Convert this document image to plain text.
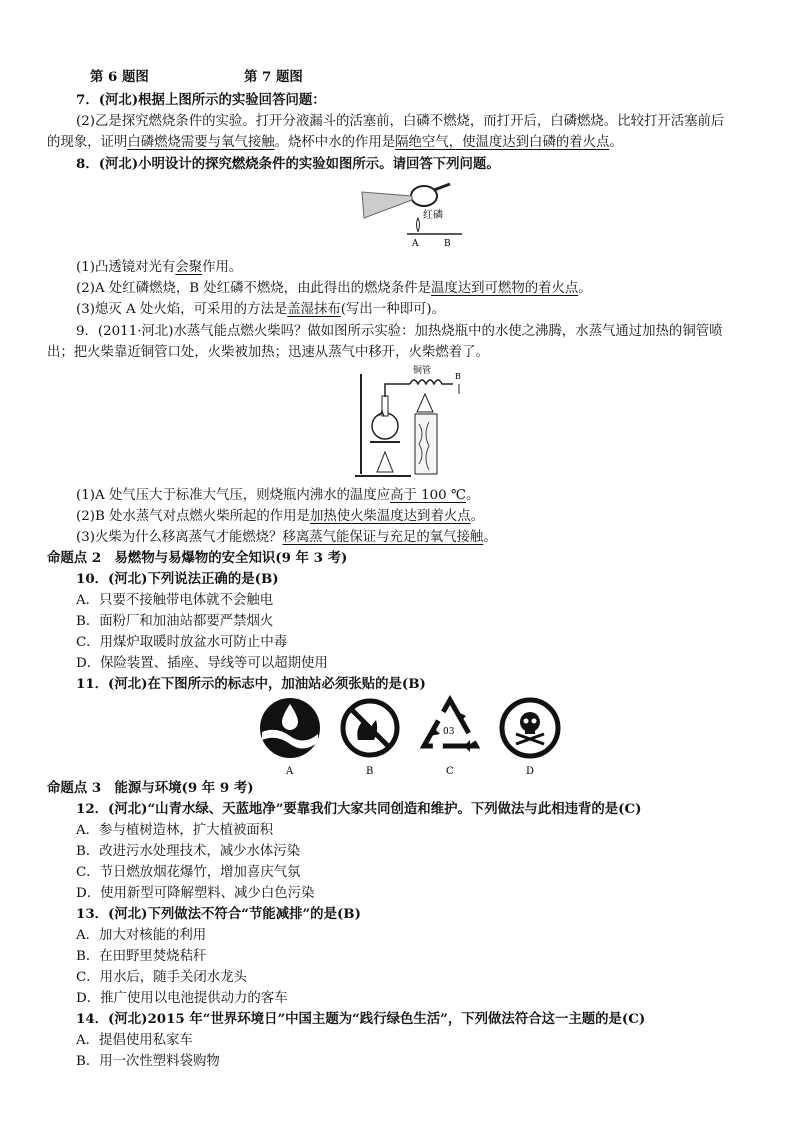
第 6 题图	第 7 题图
7．(河北)根据上图所示的实验回答问题：
(2)乙是探究燃烧条件的实验。打开分液漏斗的活塞前，白磷不燃烧，而打开后，白磷燃烧。比较打开活塞前后
的现象，证明白磷燃烧需要与氧气接触。烧杯中水的作用是隔绝空气，使温度达到白磷的着火点。
8．(河北)小明设计的探究燃烧条件的实验如图所示。请回答下列问题。
红磷
A	B
(1)凸透镜对光有会聚作用。
(2)A 处红磷燃烧，B 处红磷不燃烧，由此得出的燃烧条件是温度达到可燃物的着火点。
(3)熄灭 A 处火焰，可采用的方法是盖湿抹布(写出一种即可)。
9．(2011·河北)水蒸气能点燃火柴吗？做如图所示实验：加热烧瓶中的水使之沸腾，水蒸气通过加热的铜管喷
出；把火柴靠近铜管口处，火柴被加热；迅速从蒸气中移开，火柴燃着了。
A
铜管
B
(1)A 处气压大于标准大气压，则烧瓶内沸水的温度应高于 100 ℃。
(2)B 处水蒸气对点燃火柴所起的作用是加热使火柴温度达到着火点。
(3)火柴为什么移离蒸气才能燃烧？移离蒸气能保证与充足的氧气接触。
命题点 2　易燃物与易爆物的安全知识(9 年 3 考)
10．(河北)下列说法正确的是(B)
A．只要不接触带电体就不会触电
B．面粉厂和加油站都要严禁烟火
C．用煤炉取暖时放盆水可防止中毒
D．保险装置、插座、导线等可以超期使用
11．(河北)在下图所示的标志中，加油站必须张贴的是(B)
A	B
03
C	D
命题点 3　能源与环境(9 年 9 考)
12．(河北)“山青水绿、天蓝地净”要靠我们大家共同创造和维护。下列做法与此相违背的是(C)
A．参与植树造林，扩大植被面积
B．改进污水处理技术，减少水体污染
C．节日燃放烟花爆竹，增加喜庆气氛
D．使用新型可降解塑料、减少白色污染
13．(河北)下列做法不符合“节能减排”的是(B)
A．加大对核能的利用
B．在田野里焚烧秸秆
C．用水后，随手关闭水龙头
D．推广使用以电池提供动力的客车
14．(河北)2015 年“世界环境日”中国主题为“践行绿色生活”，下列做法符合这一主题的是(C)
A．提倡使用私家车
B．用一次性塑料袋购物
